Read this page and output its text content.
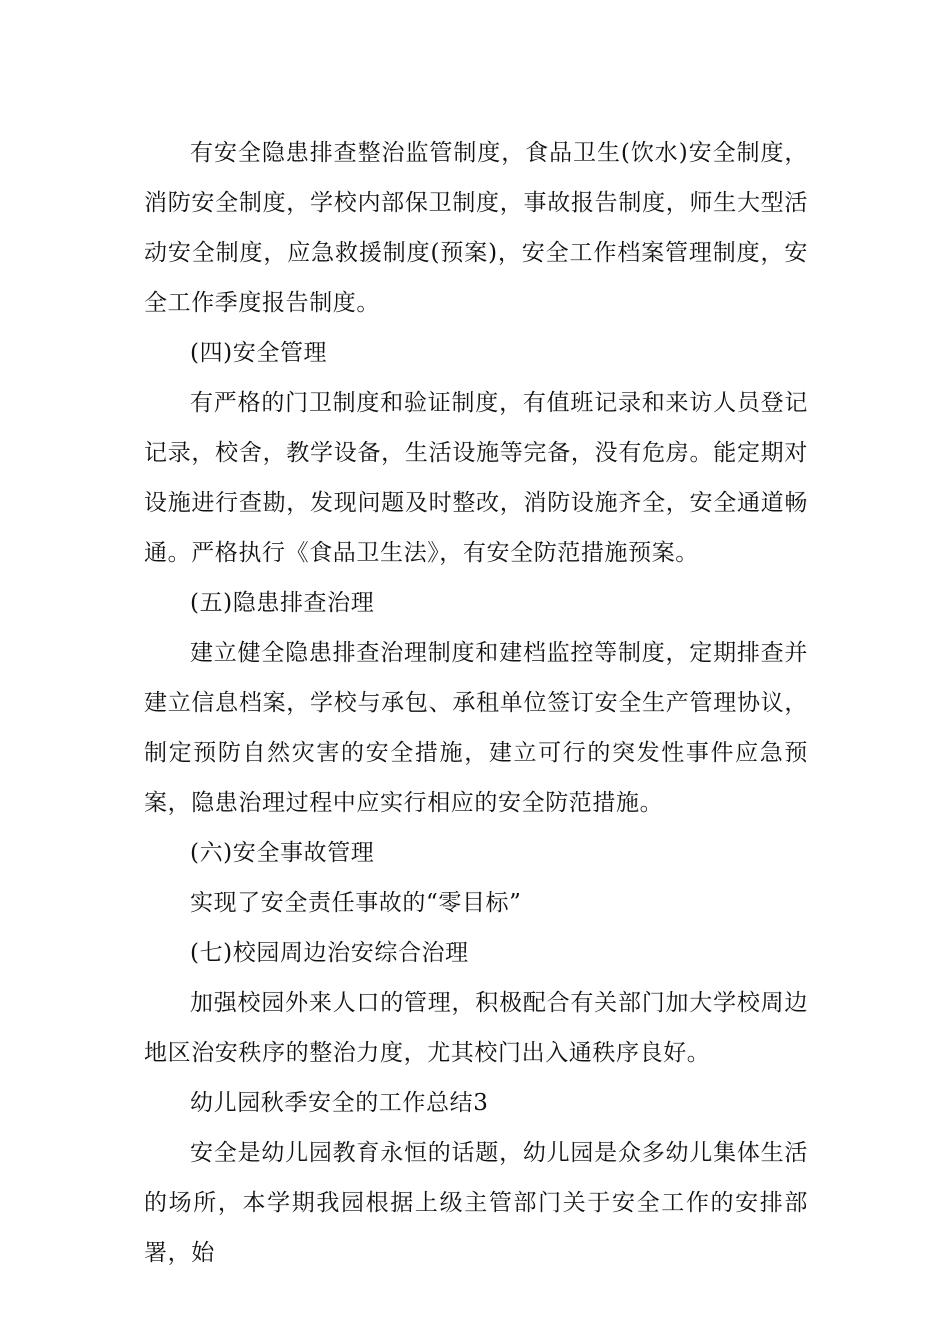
有安全隐患排查整治监管制度，食品卫生(饮水)安全制度，消防安全制度，学校内部保卫制度，事故报告制度，师生大型活动安全制度，应急救援制度(预案)，安全工作档案管理制度，安全工作季度报告制度。

(四)安全管理

有严格的门卫制度和验证制度，有值班记录和来访人员登记记录，校舍，教学设备，生活设施等完备，没有危房。能定期对设施进行查勘，发现问题及时整改，消防设施齐全，安全通道畅通。严格执行《食品卫生法》，有安全防范措施预案。

(五)隐患排查治理

建立健全隐患排查治理制度和建档监控等制度，定期排查并建立信息档案，学校与承包、承租单位签订安全生产管理协议，制定预防自然灾害的安全措施，建立可行的突发性事件应急预案，隐患治理过程中应实行相应的安全防范措施。

(六)安全事故管理

实现了安全责任事故的“零目标”

(七)校园周边治安综合治理

加强校园外来人口的管理，积极配合有关部门加大学校周边地区治安秩序的整治力度，尤其校门出入通秩序良好。

幼儿园秋季安全的工作总结3

安全是幼儿园教育永恒的话题，幼儿园是众多幼儿集体生活的场所，本学期我园根据上级主管部门关于安全工作的安排部署，始
